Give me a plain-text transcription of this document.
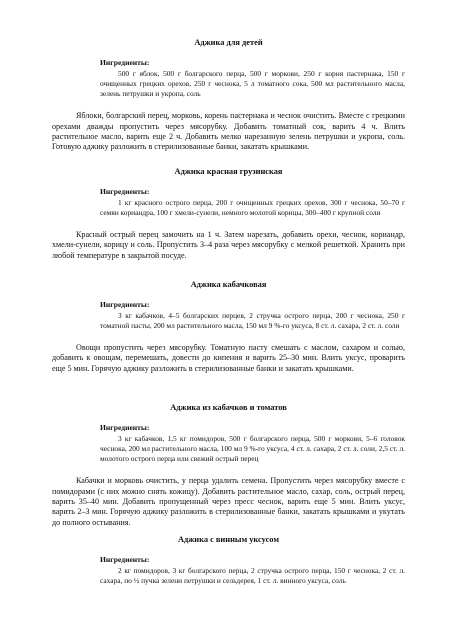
Аджика для детей
Ингредиенты:

500 г яблок, 500 г болгарского перца, 500 г моркови, 250 г корня пастернака, 150 г очищенных грецких орехов, 250 г чеснока, 5 л томатного сока, 500 мл растительного масла, зелень петрушки и укропа, соль

Яблоки, болгарский перец, морковь, корень пастернака и чеснок очистить. Вместе с грецкими орехами дважды пропустить через мясорубку. Добавить томатный сок, варить 4 ч. Влить растительное масло, варить еще 2 ч. Добавить мелко нарезанную зелень петрушки и укропа, соль. Готовую аджику разложить в стерилизованные банки, закатать крышками.

Аджика красная грузинская
Ингредиенты:

1 кг красного острого перца, 200 г очищенных грецких орехов, 300 г чеснока, 50–70 г семян кориандра, 100 г хмели-сунели, немного молотой корицы, 300–400 г крупной соли

Красный острый перец замочить на 1 ч. Затем нарезать, добавить орехи, чеснок, кориандр, хмели-сунели, корицу и соль. Пропустить 3–4 раза через мясорубку с мелкой решеткой. Хранить при любой температуре в закрытой посуде.

Аджика кабачковая
Ингредиенты:

3 кг кабачков, 4–5 болгарских перцев, 2 стручка острого перца, 200 г чеснока, 250 г томатной пасты, 200 мл растительного масла, 150 мл 9 %-го уксуса, 8 ст. л. сахара, 2 ст. л. соли

Овощи пропустить через мясорубку. Томатную пасту смешать с маслом, сахаром и солью, добавить к овощам, перемешать, довести до кипения и варить 25–30 мин. Влить уксус, проварить еще 5 мин. Горячую аджику разложить в стерилизованные банки и закатать крышками.

Аджика из кабачков и томатов
Ингредиенты:

3 кг кабачков, 1,5 кг помидоров, 500 г болгарского перца, 500 г моркови, 5–6 головок чеснока, 200 мл растительного масла, 100 мл 9 %-го уксуса, 4 ст. л. сахара, 2 ст. л. соли, 2,5 ст. л. молотого острого перца или свежий острый перец

Кабачки и морковь очистить, у перца удалить семена. Пропустить через мясорубку вместе с помидорами (с них можно снять кожицу). Добавить растительное масло, сахар, соль, острый перец, варить 35–40 мин. Добавить пропущенный через пресс чеснок, варить еще 5 мин. Влить уксус, варить 2–3 мин. Горячую аджику разложить в стерилизованные банки, закатать крышками и укутать до полного остывания.

Аджика с винным уксусом
Ингредиенты:

2 кг помидоров, 3 кг болгарского перца, 2 стручка острого перца, 150 г чеснока, 2 ст. л. сахара, по ½ пучка зелени петрушки и сельдерея, 1 ст. л. винного уксуса, соль
